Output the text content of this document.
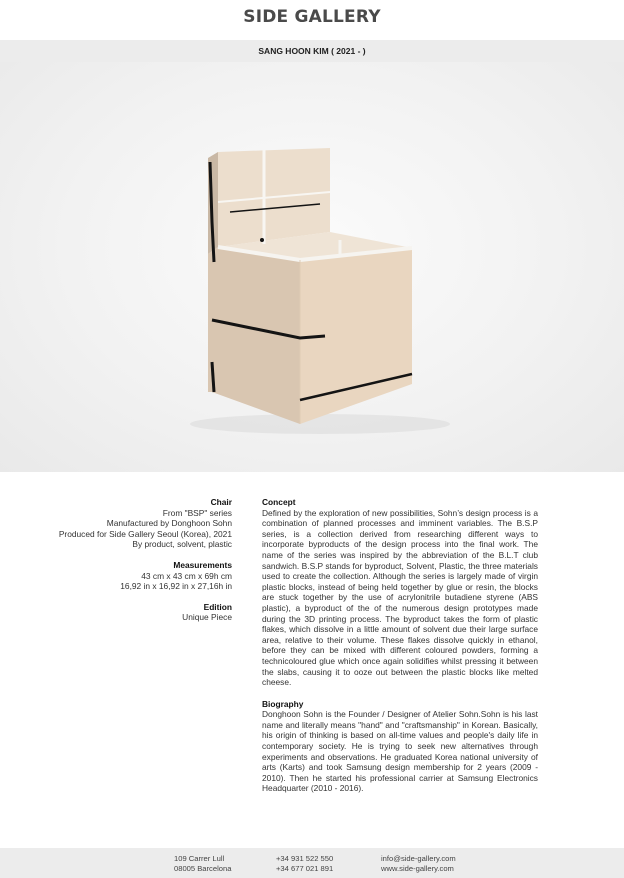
SIDE GALLERY
SANG HOON KIM ( 2021 - )
Chair
From "BSP" series
Manufactured by Donghoon Sohn
Produced for Side Gallery Seoul (Korea), 2021
By product, solvent, plastic
Measurements
43 cm x 43 cm x 69h cm
16,92 in x 16,92 in x 27,16h in
Edition
Unique Piece
Concept

Defined by the exploration of new possibilities, Sohn’s design process is a combination of planned processes and imminent variables. The B.S.P series, is a collection derived from researching different ways to incorporate byproducts of the design process into the final work. The name of the series was inspired by the abbreviation of the B.L.T club sandwich. B.S.P stands for byproduct, Solvent, Plastic, the three materials used to create the collection. Although the series is largely made of virgin plastic blocks, instead of being held together by glue or resin, the blocks are stuck together by the use of acrylonitrile butadiene styrene (ABS plastic), a byproduct of the of the numerous design prototypes made during the 3D printing process. The byproduct takes the form of plastic flakes, which dissolve in a little amount of solvent due their large surface area, relative to their volume. These flakes dissolve quickly in ethanol, before they can be mixed with different coloured powders, forming a technicoloured glue which once again solidifies whilst pressing it between the slabs, causing it to ooze out between the plastic blocks like melted cheese.

Biography

Donghoon Sohn is the Founder / Designer of Atelier Sohn.Sohn is his last name and literally means "hand" and "craftsmanship" in Korean. Basically, his origin of thinking is based on all-time values and people's daily life in contemporary society. He is trying to seek new alternatives through experiments and observations. He graduated Korea national university of arts (Karts) and took Samsung design membership for 2 years (2009 - 2010). Then he started his professional carrier at Samsung Electronics Headquarter (2010 - 2016).

109 Carrer Lull
08005 Barcelona
+34 931 522 550
+34 677 021 891
info@side-gallery.com
www.side-gallery.com
